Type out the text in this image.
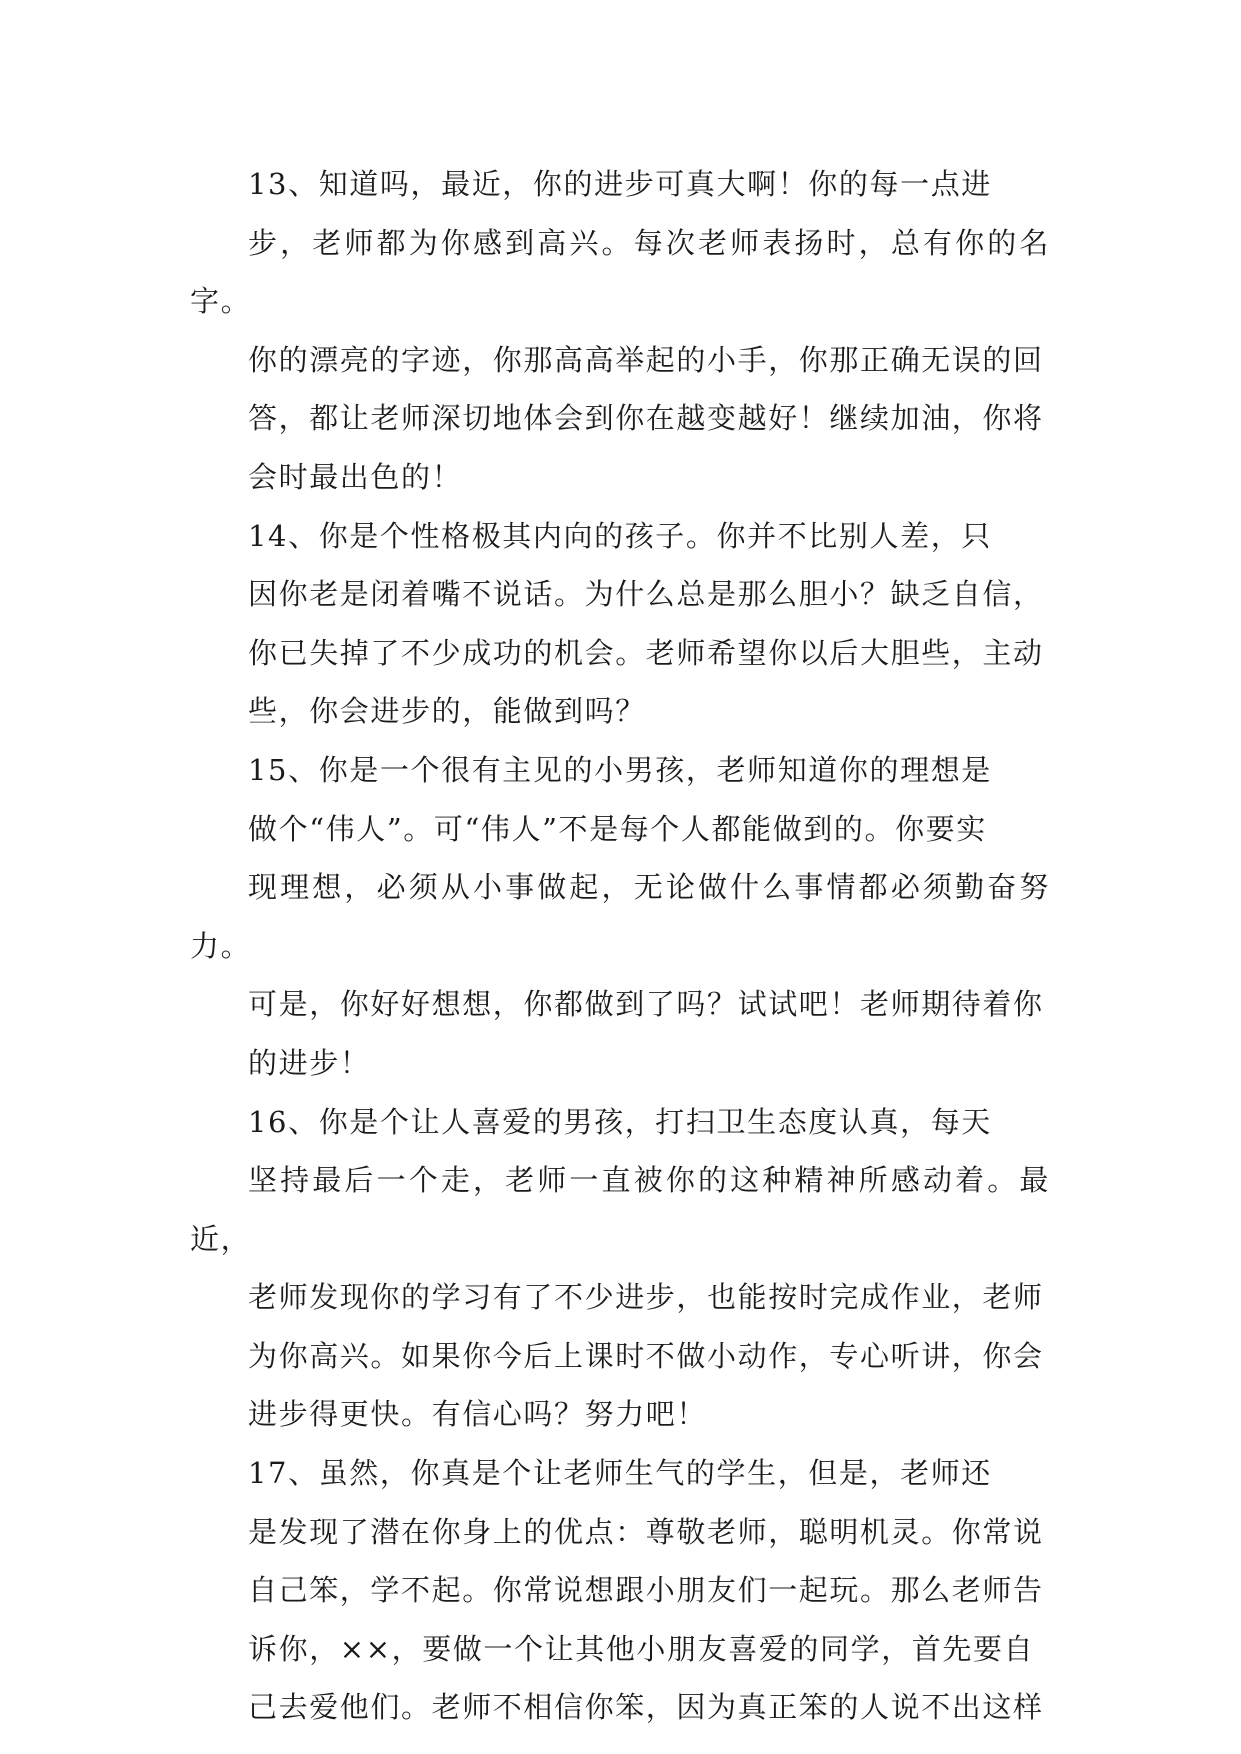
13、知道吗，最近，你的进步可真大啊！你的每一点进
步，老师都为你感到高兴。每次老师表扬时，总有你的名字。
你的漂亮的字迹，你那高高举起的小手，你那正确无误的回
答，都让老师深切地体会到你在越变越好！继续加油，你将
会时最出色的！

14、你是个性格极其内向的孩子。你并不比别人差，只
因你老是闭着嘴不说话。为什么总是那么胆小？缺乏自信，
你已失掉了不少成功的机会。老师希望你以后大胆些，主动
些，你会进步的，能做到吗？

15、你是一个很有主见的小男孩，老师知道你的理想是
做个“伟人”。可“伟人”不是每个人都能做到的。你要实
现理想，必须从小事做起，无论做什么事情都必须勤奋努力。
可是，你好好想想，你都做到了吗？试试吧！老师期待着你
的进步！

16、你是个让人喜爱的男孩，打扫卫生态度认真，每天
坚持最后一个走，老师一直被你的这种精神所感动着。最近，
老师发现你的学习有了不少进步，也能按时完成作业，老师
为你高兴。如果你今后上课时不做小动作，专心听讲，你会
进步得更快。有信心吗？努力吧！

17、虽然，你真是个让老师生气的学生，但是，老师还
是发现了潜在你身上的优点：尊敬老师，聪明机灵。你常说
自己笨，学不起。你常说想跟小朋友们一起玩。那么老师告
诉你，××，要做一个让其他小朋友喜爱的同学，首先要自
己去爱他们。老师不相信你笨，因为真正笨的人说不出这样
